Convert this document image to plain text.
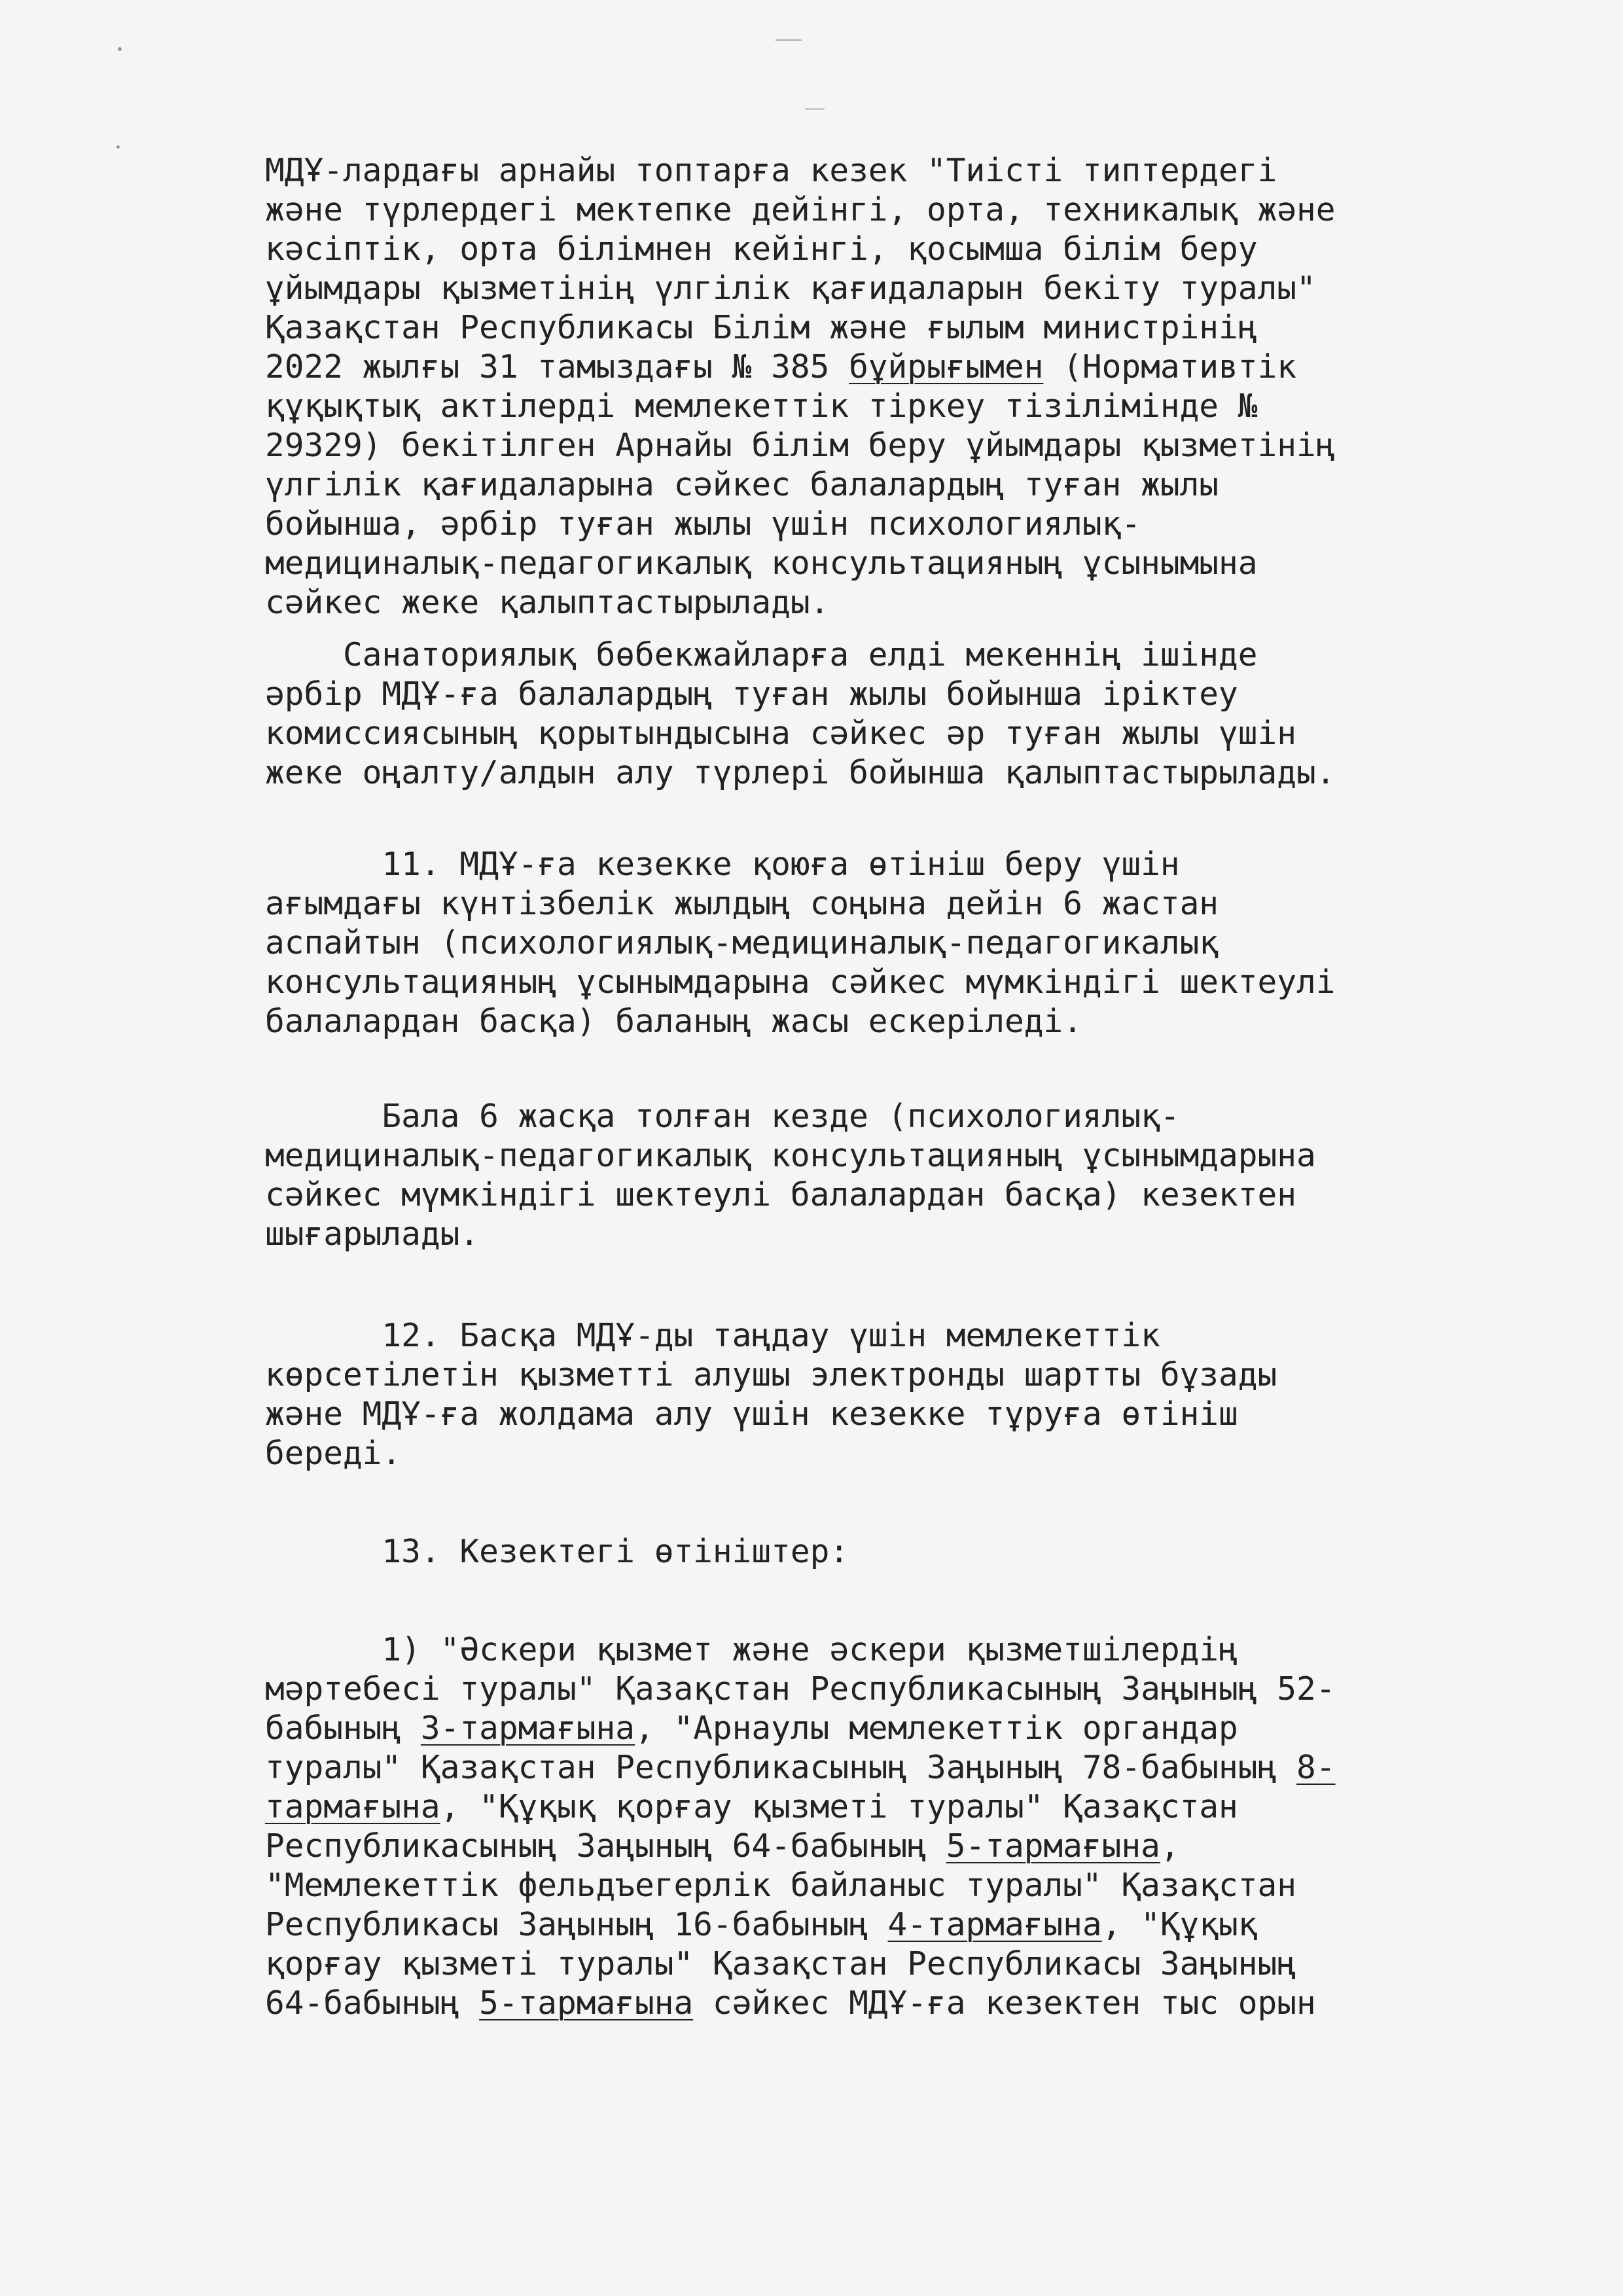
МДҰ-лардағы арнайы топтарға кезек "Тиісті типтердегі
және түрлердегі мектепке дейінгі, орта, техникалық және
кәсіптік, орта білімнен кейінгі, қосымша білім беру
ұйымдары қызметінің үлгілік қағидаларын бекіту туралы"
Қазақстан Республикасы Білім және ғылым министрінің
2022 жылғы 31 тамыздағы № 385 бұйрығымен (Нормативтік
құқықтық актілерді мемлекеттік тіркеу тізілімінде №
29329) бекітілген Арнайы білім беру ұйымдары қызметінің
үлгілік қағидаларына сәйкес балалардың туған жылы
бойынша, әрбір туған жылы үшін психологиялық-
медициналық-педагогикалық консультацияның ұсынымына
сәйкес жеке қалыптастырылады.
Санаториялық бөбекжайларға елді мекеннің ішінде
әрбір МДҰ-ға балалардың туған жылы бойынша іріктеу
комиссиясының қорытындысына сәйкес әр туған жылы үшін
жеке оңалту/алдын алу түрлері бойынша қалыптастырылады.
11. МДҰ-ға кезекке қоюға өтініш беру үшін
ағымдағы күнтізбелік жылдың соңына дейін 6 жастан
аспайтын (психологиялық-медициналық-педагогикалық
консультацияның ұсынымдарына сәйкес мүмкіндігі шектеулі
балалардан басқа) баланың жасы ескеріледі.
Бала 6 жасқа толған кезде (психологиялық-
медициналық-педагогикалық консультацияның ұсынымдарына
сәйкес мүмкіндігі шектеулі балалардан басқа) кезектен
шығарылады.
12. Басқа МДҰ-ды таңдау үшін мемлекеттік
көрсетілетін қызметті алушы электронды шартты бұзады
және МДҰ-ға жолдама алу үшін кезекке тұруға өтініш
береді.
13. Кезектегі өтініштер:
1) "Әскери қызмет және әскери қызметшілердің
мәртебесі туралы" Қазақстан Республикасының Заңының 52-
бабының 3-тармағына, "Арнаулы мемлекеттік органдар
туралы" Қазақстан Республикасының Заңының 78-бабының 8-
тармағына, "Құқық қорғау қызметі туралы" Қазақстан
Республикасының Заңының 64-бабының 5-тармағына,
"Мемлекеттік фельдъегерлік байланыс туралы" Қазақстан
Республикасы Заңының 16-бабының 4-тармағына, "Құқық
қорғау қызметі туралы" Қазақстан Республикасы Заңының
64-бабының 5-тармағына сәйкес МДҰ-ға кезектен тыс орын
